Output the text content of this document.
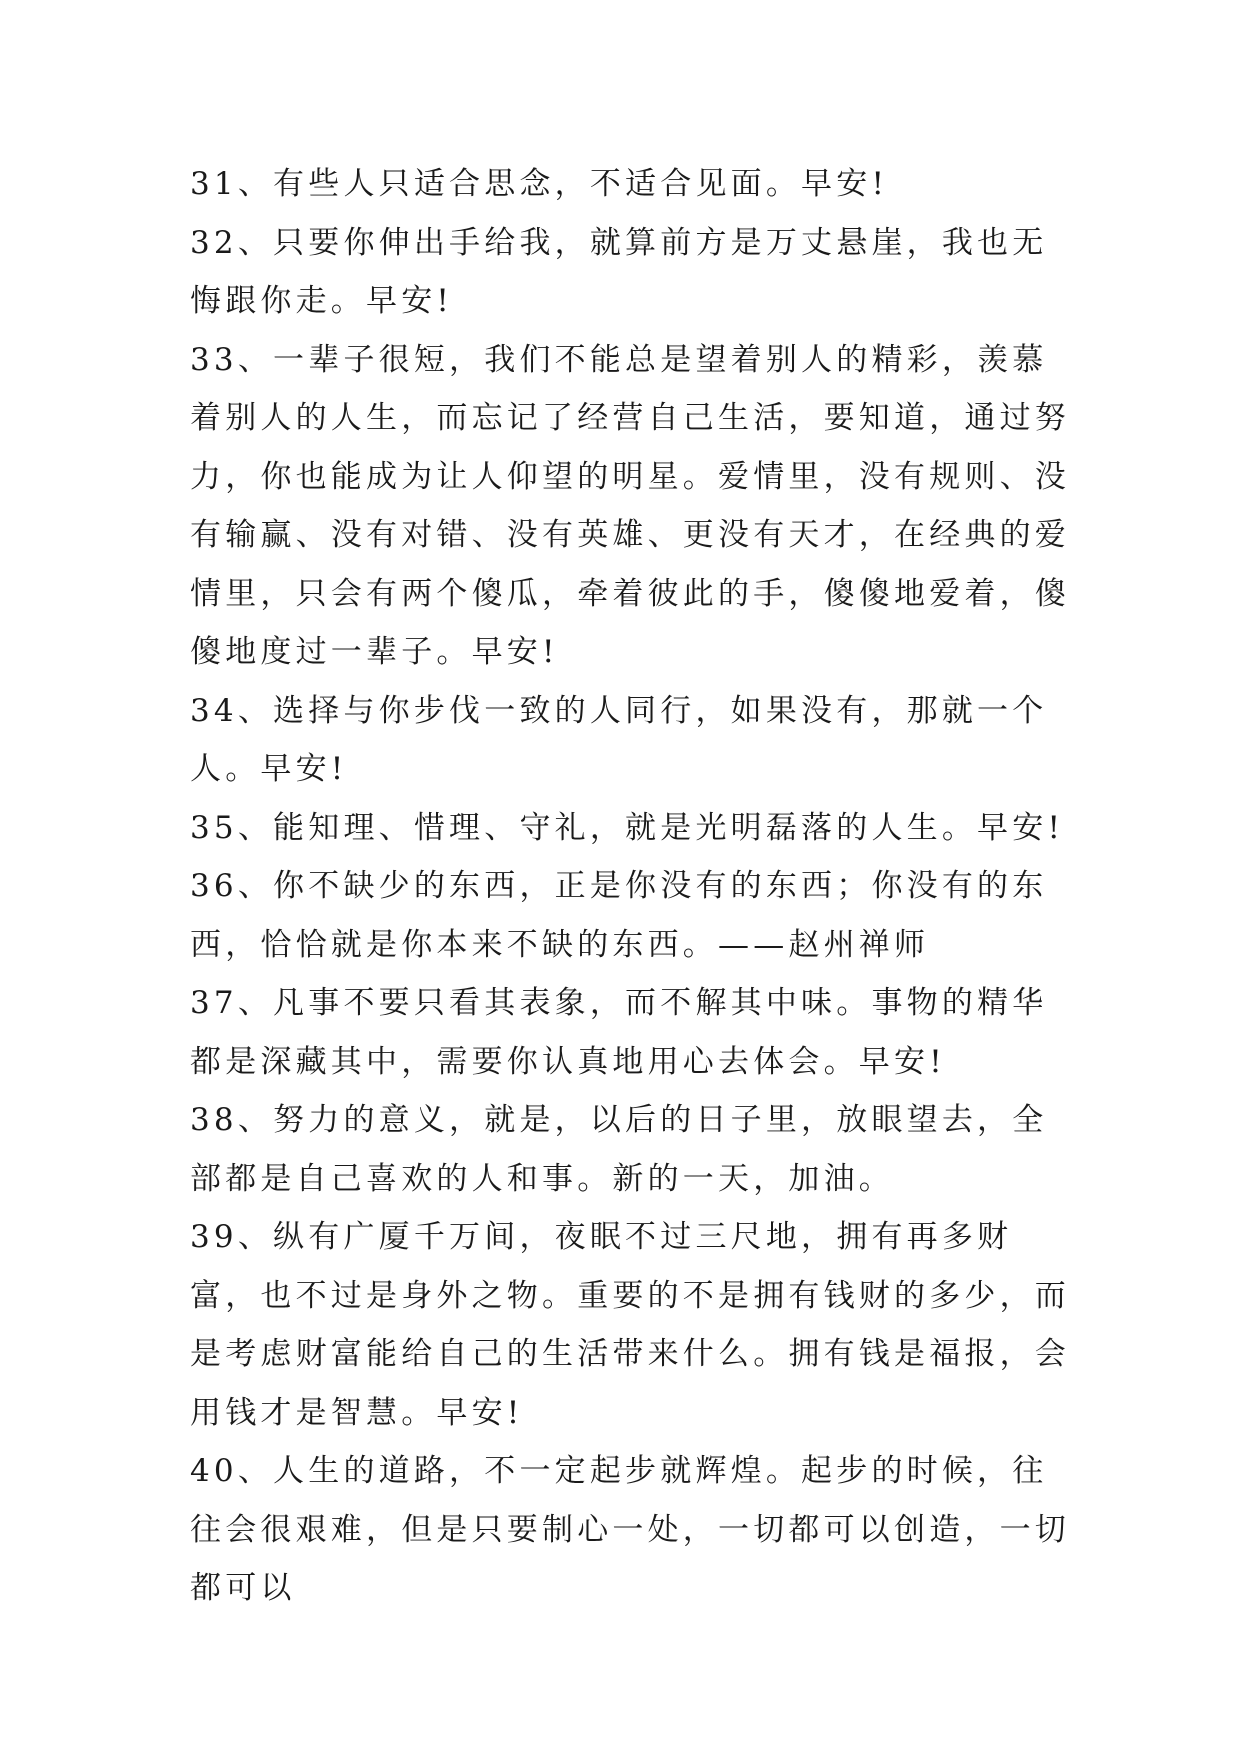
31、有些人只适合思念，不适合见面。早安!

32、只要你伸出手给我，就算前方是万丈悬崖，我也无悔跟你走。早安!

33、一辈子很短，我们不能总是望着别人的精彩，羡慕着别人的人生，而忘记了经营自己生活，要知道，通过努力，你也能成为让人仰望的明星。爱情里，没有规则、没有输赢、没有对错、没有英雄、更没有天才，在经典的爱情里，只会有两个傻瓜，牵着彼此的手，傻傻地爱着，傻傻地度过一辈子。早安!

34、选择与你步伐一致的人同行，如果没有，那就一个人。早安!

35、能知理、惜理、守礼，就是光明磊落的人生。早安!

36、你不缺少的东西，正是你没有的东西；你没有的东西，恰恰就是你本来不缺的东西。——赵州禅师

37、凡事不要只看其表象，而不解其中味。事物的精华都是深藏其中，需要你认真地用心去体会。早安!

38、努力的意义，就是，以后的日子里，放眼望去，全部都是自己喜欢的人和事。新的一天，加油。

39、纵有广厦千万间，夜眠不过三尺地，拥有再多财富，也不过是身外之物。重要的不是拥有钱财的多少，而是考虑财富能给自己的生活带来什么。拥有钱是福报，会用钱才是智慧。早安!

40、人生的道路，不一定起步就辉煌。起步的时候，往往会很艰难，但是只要制心一处，一切都可以创造，一切都可以
